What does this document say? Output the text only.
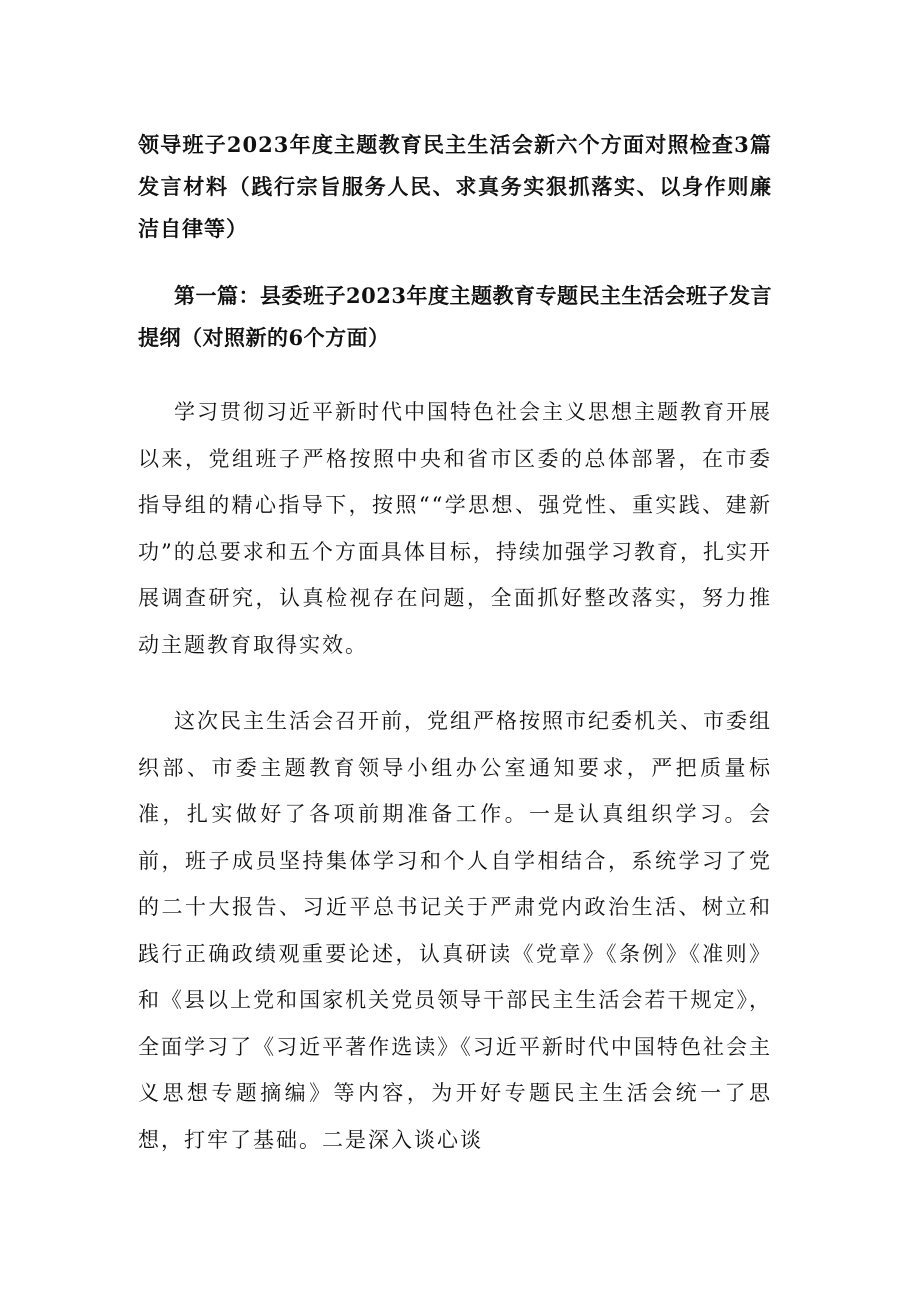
领导班子2023年度主题教育民主生活会新六个方面对照检查3篇发言材料（践行宗旨服务人民、求真务实狠抓落实、以身作则廉洁自律等）
第一篇：县委班子2023年度主题教育专题民主生活会班子发言提纲（对照新的6个方面）

学习贯彻习近平新时代中国特色社会主义思想主题教育开展以来，党组班子严格按照中央和省市区委的总体部署，在市委指导组的精心指导下，按照““学思想、强党性、重实践、建新功”的总要求和五个方面具体目标，持续加强学习教育，扎实开展调查研究，认真检视存在问题，全面抓好整改落实，努力推动主题教育取得实效。

这次民主生活会召开前，党组严格按照市纪委机关、市委组织部、市委主题教育领导小组办公室通知要求，严把质量标准，扎实做好了各项前期准备工作。一是认真组织学习。会前，班子成员坚持集体学习和个人自学相结合，系统学习了党的二十大报告、习近平总书记关于严肃党内政治生活、树立和践行正确政绩观重要论述，认真研读《党章》《条例》《准则》和《县以上党和国家机关党员领导干部民主生活会若干规定》，全面学习了《习近平著作选读》《习近平新时代中国特色社会主义思想专题摘编》等内容，为开好专题民主生活会统一了思想，打牢了基础。二是深入谈心谈
